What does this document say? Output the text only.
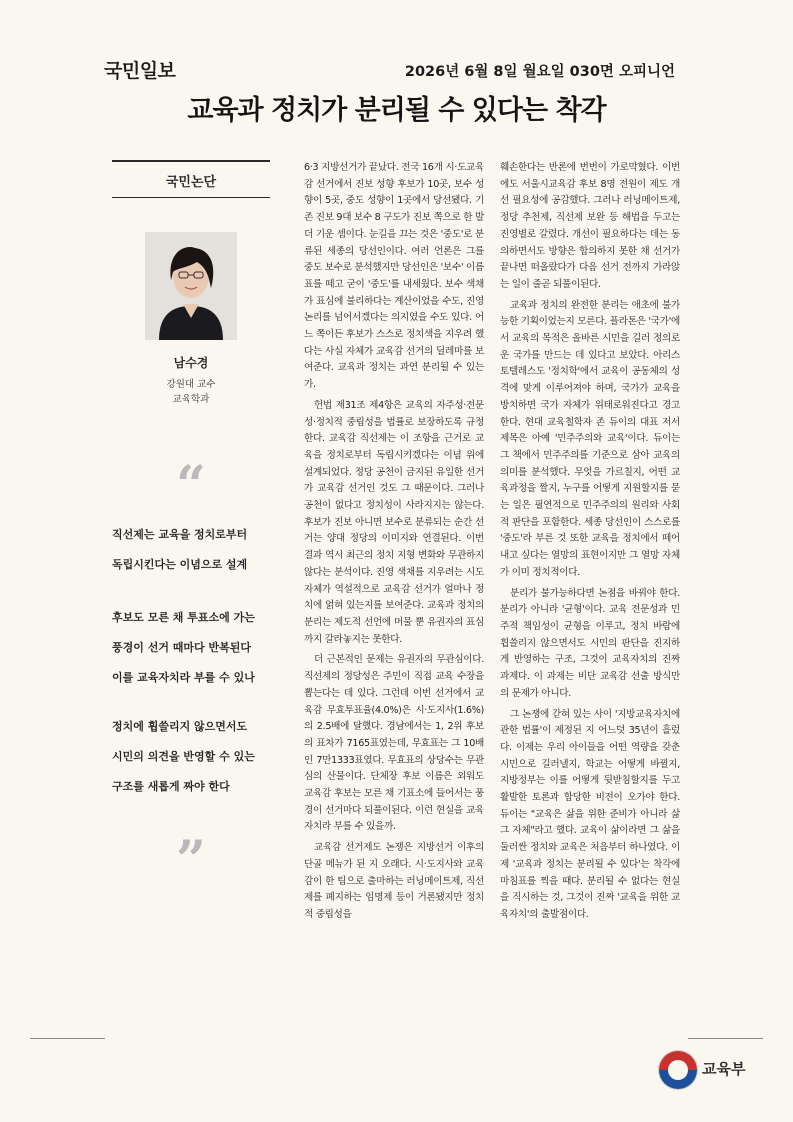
국민일보	2026년 6월 8일 월요일 030면 오피니언
교육과 정치가 분리될 수 있다는 착각
국민논단
남수경
강원대 교수
교육학과
“
직선제는 교육을 정치로부터
독립시킨다는 이념으로 설계
후보도 모른 채 투표소에 가는
풍경이 선거 때마다 반복된다
이를 교육자치라 부를 수 있나
정치에 휩쓸리지 않으면서도
시민의 의견을 반영할 수 있는
구조를 새롭게 짜야 한다
”

6·3 지방선거가 끝났다. 전국 16개 시·도교육감 선거에서 진보 성향 후보가 10곳, 보수 성향이 5곳, 중도 성향이 1곳에서 당선됐다. 기존 진보 9대 보수 8 구도가 진보 쪽으로 한 발 더 기운 셈이다. 눈길을 끄는 것은 '중도'로 분류된 세종의 당선인이다. 여러 언론은 그를 중도 보수로 분석했지만 당선인은 '보수' 이름표를 떼고 굳이 '중도'를 내세웠다. 보수 색채가 표심에 불리하다는 계산이었을 수도, 진영 논리를 넘어서겠다는 의지였을 수도 있다. 어느 쪽이든 후보가 스스로 정치색을 지우려 했다는 사실 자체가 교육감 선거의 딜레마를 보여준다. 교육과 정치는 과연 분리될 수 있는가.

헌법 제31조 제4항은 교육의 자주성·전문성·정치적 중립성을 법률로 보장하도록 규정한다. 교육감 직선제는 이 조항을 근거로 교육을 정치로부터 독립시키겠다는 이념 위에 설계되었다. 정당 공천이 금지된 유일한 선거가 교육감 선거인 것도 그 때문이다. 그러나 공천이 없다고 정치성이 사라지지는 않는다. 후보가 진보 아니면 보수로 분류되는 순간 선거는 양대 정당의 이미지와 연결된다. 이번 결과 역시 최근의 정치 지형 변화와 무관하지 않다는 분석이다. 진영 색채를 지우려는 시도 자체가 역설적으로 교육감 선거가 얼마나 정치에 얽혀 있는지를 보여준다. 교육과 정치의 분리는 제도적 선언에 머물 뿐 유권자의 표심까지 갈라놓지는 못한다.

더 근본적인 문제는 유권자의 무관심이다. 직선제의 정당성은 주민이 직접 교육 수장을 뽑는다는 데 있다. 그런데 이번 선거에서 교육감 무효투표율(4.0%)은 시·도지사(1.6%)의 2.5배에 달했다. 경남에서는 1, 2위 후보의 표차가 7165표였는데, 무효표는 그 10배인 7만1333표였다. 무효표의 상당수는 무관심의 산물이다. 단체장 후보 이름은 외워도 교육감 후보는 모른 채 기표소에 들어서는 풍경이 선거마다 되풀이된다. 이런 현실을 교육자치라 부를 수 있을까.

교육감 선거제도 논쟁은 지방선거 이후의 단골 메뉴가 된 지 오래다. 시·도지사와 교육감이 한 팀으로 출마하는 러닝메이트제, 직선제를 폐지하는 임명제 등이 거론됐지만 정치적 중립성을

훼손한다는 반론에 번번이 가로막혔다. 이번에도 서울시교육감 후보 8명 전원이 제도 개선 필요성에 공감했다. 그러나 러닝메이트제, 정당 추천제, 직선제 보완 등 해법을 두고는 진영별로 갈렸다. 개선이 필요하다는 데는 동의하면서도 방향은 합의하지 못한 채 선거가 끝나면 떠올랐다가 다음 선거 전까지 가라앉는 일이 줄곧 되풀이된다.

교육과 정치의 완전한 분리는 애초에 불가능한 기획이었는지 모른다. 플라톤은 '국가'에서 교육의 목적은 올바른 시민을 길러 정의로운 국가를 만드는 데 있다고 보았다. 아리스토텔레스도 '정치학'에서 교육이 공동체의 성격에 맞게 이루어져야 하며, 국가가 교육을 방치하면 국가 자체가 위태로워진다고 경고한다. 현대 교육철학자 존 듀이의 대표 저서 제목은 아예 '민주주의와 교육'이다. 듀이는 그 책에서 민주주의를 기준으로 삼아 교육의 의미를 분석했다. 무엇을 가르칠지, 어떤 교육과정을 짤지, 누구를 어떻게 지원할지를 묻는 일은 필연적으로 민주주의의 원리와 사회적 판단을 포함한다. 세종 당선인이 스스로를 '중도'라 부른 것 또한 교육을 정치에서 떼어내고 싶다는 열망의 표현이지만 그 열망 자체가 이미 정치적이다.

분리가 불가능하다면 논점을 바꿔야 한다. 분리가 아니라 '균형'이다. 교육 전문성과 민주적 책임성이 균형을 이루고, 정치 바람에 휩쓸리지 않으면서도 시민의 판단을 진지하게 반영하는 구조, 그것이 교육자치의 진짜 과제다. 이 과제는 비단 교육감 선출 방식만의 문제가 아니다.

그 논쟁에 갇혀 있는 사이 '지방교육자치에 관한 법률'이 제정된 지 어느덧 35년이 흘렀다. 이제는 우리 아이들을 어떤 역량을 갖춘 시민으로 길러낼지, 학교는 어떻게 바뀔지, 지방정부는 이를 어떻게 뒷받침할지를 두고 활발한 토론과 합당한 비전이 오가야 한다. 듀이는 "교육은 삶을 위한 준비가 아니라 삶 그 자체"라고 했다. 교육이 삶이라면 그 삶을 둘러싼 정치와 교육은 처음부터 하나였다. 이제 '교육과 정치는 분리될 수 있다'는 착각에 마침표를 찍을 때다. 분리될 수 없다는 현실을 직시하는 것, 그것이 진짜 '교육을 위한 교육자치'의 출발점이다.

교육부
